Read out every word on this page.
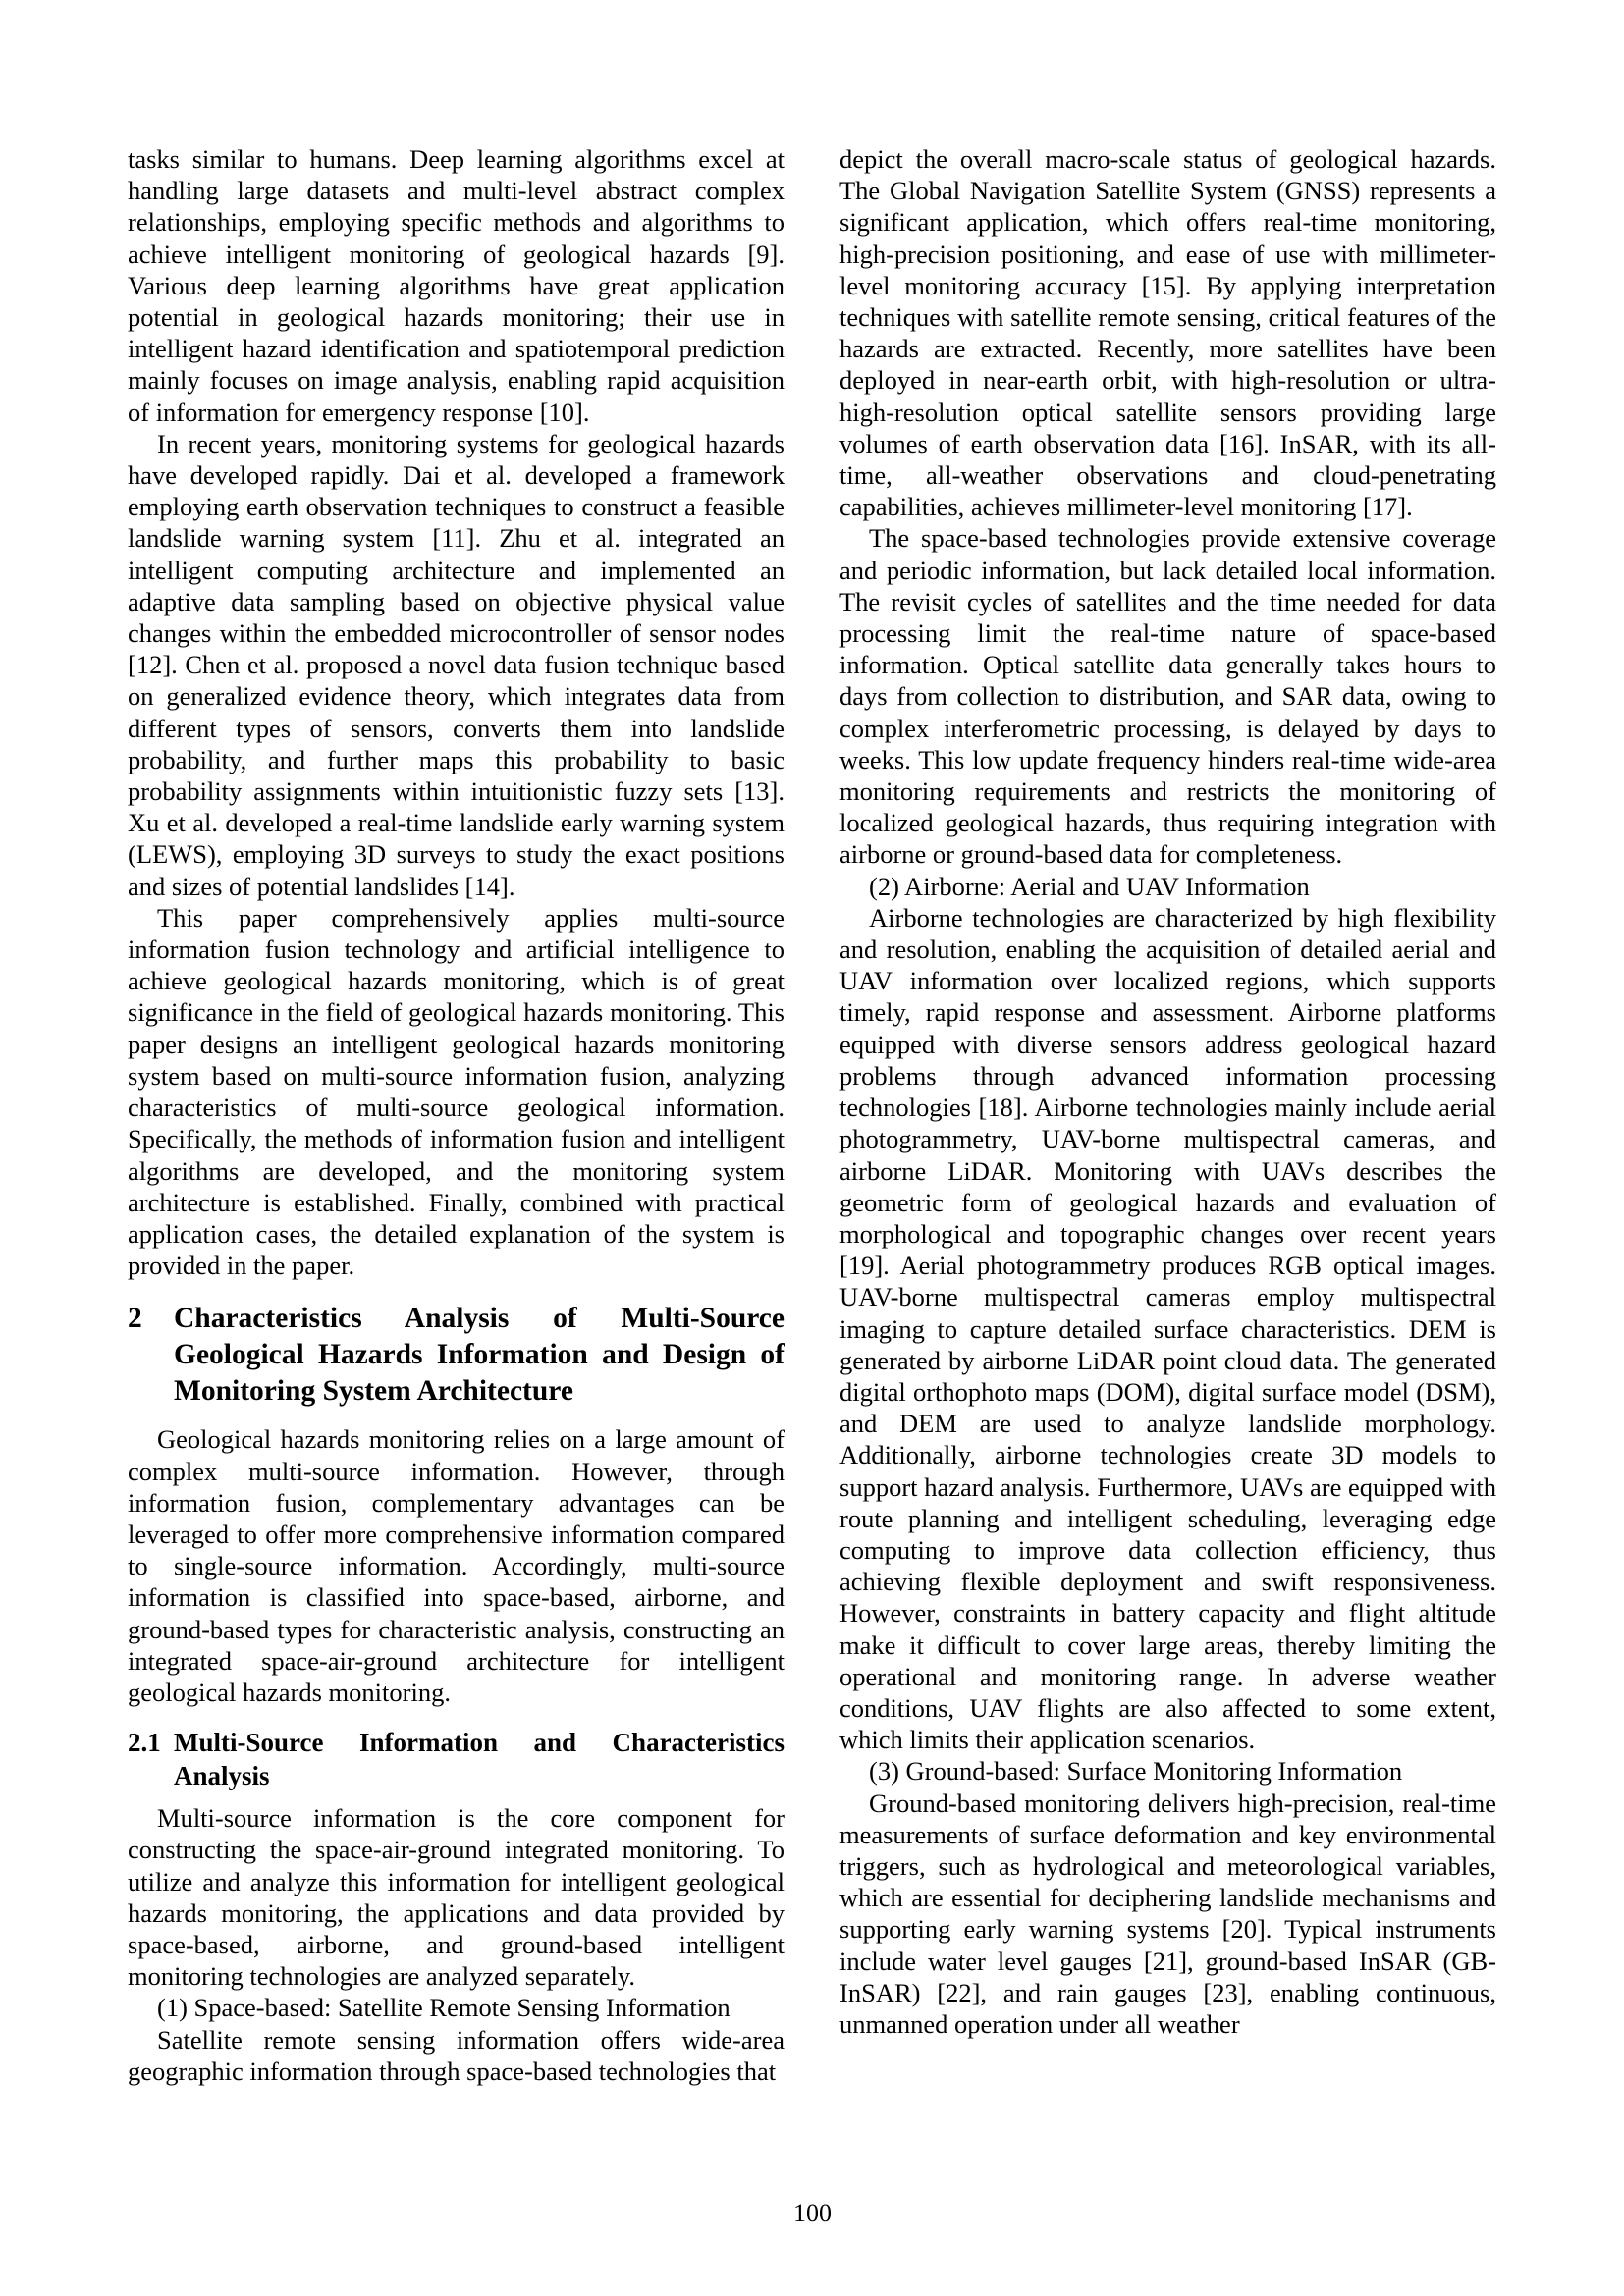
tasks similar to humans. Deep learning algorithms excel at handling large datasets and multi-level abstract complex relationships, employing specific methods and algorithms to achieve intelligent monitoring of geological hazards [9]. Various deep learning algorithms have great application potential in geological hazards monitoring; their use in intelligent hazard identification and spatiotemporal prediction mainly focuses on image analysis, enabling rapid acquisition of information for emergency response [10].

In recent years, monitoring systems for geological hazards have developed rapidly. Dai et al. developed a framework employing earth observation techniques to construct a feasible landslide warning system [11]. Zhu et al. integrated an intelligent computing architecture and implemented an adaptive data sampling based on objective physical value changes within the embedded microcontroller of sensor nodes [12]. Chen et al. proposed a novel data fusion technique based on generalized evidence theory, which integrates data from different types of sensors, converts them into landslide probability, and further maps this probability to basic probability assignments within intuitionistic fuzzy sets [13]. Xu et al. developed a real-time landslide early warning system (LEWS), employing 3D surveys to study the exact positions and sizes of potential landslides [14].

This paper comprehensively applies multi-source information fusion technology and artificial intelligence to achieve geological hazards monitoring, which is of great significance in the field of geological hazards monitoring. This paper designs an intelligent geological hazards monitoring system based on multi-source information fusion, analyzing characteristics of multi-source geological information. Specifically, the methods of information fusion and intelligent algorithms are developed, and the monitoring system architecture is established. Finally, combined with practical application cases, the detailed explanation of the system is provided in the paper.

2	Characteristics Analysis of Multi-Source Geological Hazards Information and Design of Monitoring System Architecture

Geological hazards monitoring relies on a large amount of complex multi-source information. However, through information fusion, complementary advantages can be leveraged to offer more comprehensive information compared to single-source information. Accordingly, multi-source information is classified into space-based, airborne, and ground-based types for characteristic analysis, constructing an integrated space-air-ground architecture for intelligent geological hazards monitoring.

2.1 Multi-Source Information and Characteristics Analysis

Multi-source information is the core component for constructing the space-air-ground integrated monitoring. To utilize and analyze this information for intelligent geological hazards monitoring, the applications and data provided by space-based, airborne, and ground-based intelligent monitoring technologies are analyzed separately.

(1) Space-based: Satellite Remote Sensing Information

Satellite remote sensing information offers wide-area geographic information through space-based technologies that

depict the overall macro-scale status of geological hazards. The Global Navigation Satellite System (GNSS) represents a significant application, which offers real-time monitoring, high-precision positioning, and ease of use with millimeter-level monitoring accuracy [15]. By applying interpretation techniques with satellite remote sensing, critical features of the hazards are extracted. Recently, more satellites have been deployed in near-earth orbit, with high-resolution or ultra-high-resolution optical satellite sensors providing large volumes of earth observation data [16]. InSAR, with its all-time, all-weather observations and cloud-penetrating capabilities, achieves millimeter-level monitoring [17].

The space-based technologies provide extensive coverage and periodic information, but lack detailed local information. The revisit cycles of satellites and the time needed for data processing limit the real-time nature of space-based information. Optical satellite data generally takes hours to days from collection to distribution, and SAR data, owing to complex interferometric processing, is delayed by days to weeks. This low update frequency hinders real-time wide-area monitoring requirements and restricts the monitoring of localized geological hazards, thus requiring integration with airborne or ground-based data for completeness.

(2) Airborne: Aerial and UAV Information

Airborne technologies are characterized by high flexibility and resolution, enabling the acquisition of detailed aerial and UAV information over localized regions, which supports timely, rapid response and assessment. Airborne platforms equipped with diverse sensors address geological hazard problems through advanced information processing technologies [18]. Airborne technologies mainly include aerial photogrammetry, UAV-borne multispectral cameras, and airborne LiDAR. Monitoring with UAVs describes the geometric form of geological hazards and evaluation of morphological and topographic changes over recent years [19]. Aerial photogrammetry produces RGB optical images. UAV-borne multispectral cameras employ multispectral imaging to capture detailed surface characteristics. DEM is generated by airborne LiDAR point cloud data. The generated digital orthophoto maps (DOM), digital surface model (DSM), and DEM are used to analyze landslide morphology. Additionally, airborne technologies create 3D models to support hazard analysis. Furthermore, UAVs are equipped with route planning and intelligent scheduling, leveraging edge computing to improve data collection efficiency, thus achieving flexible deployment and swift responsiveness. However, constraints in battery capacity and flight altitude make it difficult to cover large areas, thereby limiting the operational and monitoring range. In adverse weather conditions, UAV flights are also affected to some extent, which limits their application scenarios.

(3) Ground-based: Surface Monitoring Information

Ground-based monitoring delivers high-precision, real-time measurements of surface deformation and key environmental triggers, such as hydrological and meteorological variables, which are essential for deciphering landslide mechanisms and supporting early warning systems [20]. Typical instruments include water level gauges [21], ground-based InSAR (GB-InSAR) [22], and rain gauges [23], enabling continuous, unmanned operation under all weather

100
